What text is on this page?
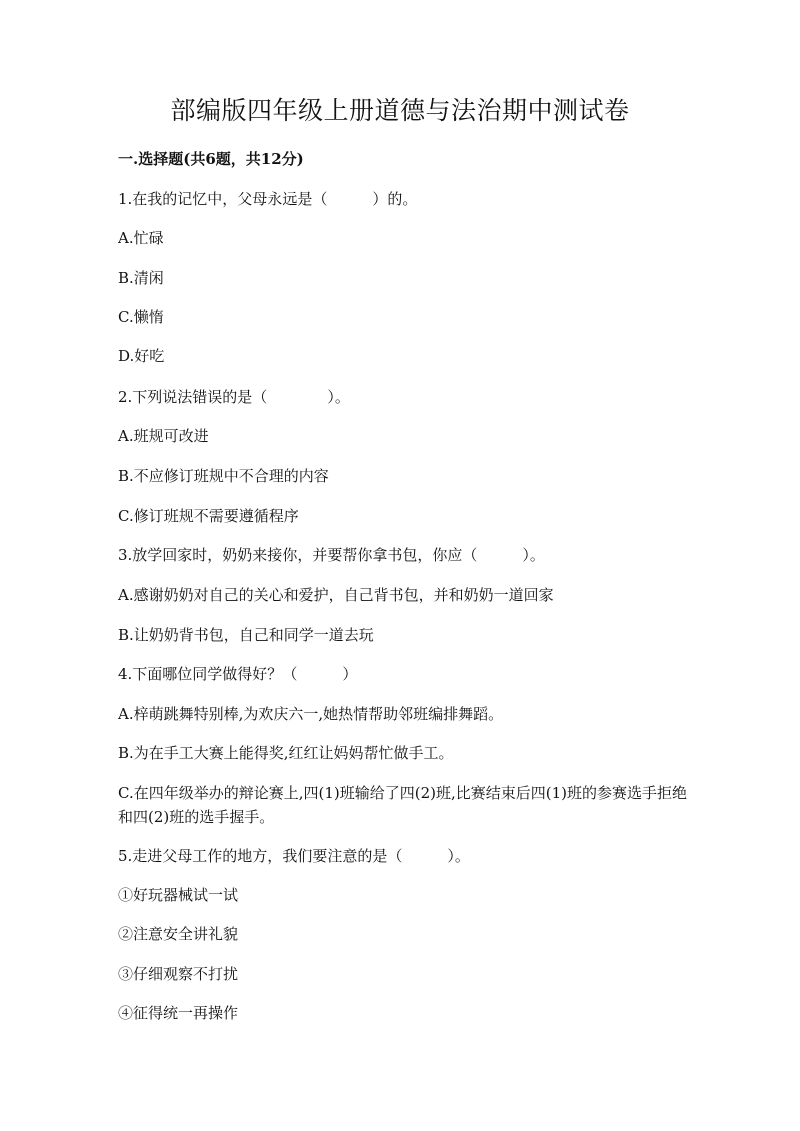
部编版四年级上册道德与法治期中测试卷
一.选择题(共6题，共12分)
1.在我的记忆中，父母永远是（　　　）的。
A.忙碌
B.清闲
C.懒惰
D.好吃
2.下列说法错误的是（　　　　）。
A.班规可改进
B.不应修订班规中不合理的内容
C.修订班规不需要遵循程序
3.放学回家时，奶奶来接你，并要帮你拿书包，你应（　　　）。
A.感谢奶奶对自己的关心和爱护，自己背书包，并和奶奶一道回家
B.让奶奶背书包，自己和同学一道去玩
4.下面哪位同学做得好？（　　　）
A.梓萌跳舞特别棒,为欢庆六一,她热情帮助邻班编排舞蹈。
B.为在手工大赛上能得奖,红红让妈妈帮忙做手工。
C.在四年级举办的辩论赛上,四(1)班输给了四(2)班,比赛结束后四(1)班的参赛选手拒绝和四(2)班的选手握手。
5.走进父母工作的地方，我们要注意的是（　　　）。
①好玩器械试一试
②注意安全讲礼貌
③仔细观察不打扰
④征得统一再操作
